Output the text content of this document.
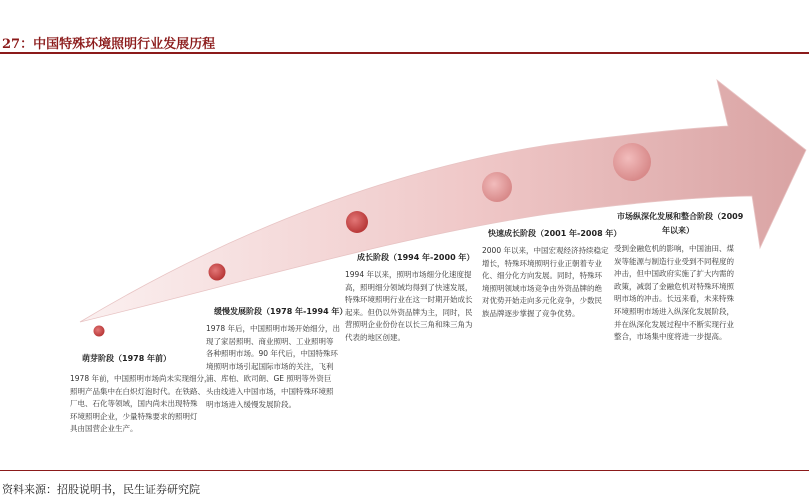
27：中国特殊环境照明行业发展历程
萌芽阶段（1978 年前）
1978 年前，中国照明市场尚未实现细分，
照明产品集中在白炽灯泡时代。在铁路、
厂电、石化等领域，国内尚未出现特殊
环境照明企业，少量特殊要求的照明灯
具由国营企业生产。
缓慢发展阶段（1978 年-1994 年）
1978 年后，中国照明市场开始细分，出
现了家居照明、商业照明、工业照明等
各种照明市场。90 年代后，中国特殊环
境照明市场引起国际市场的关注，飞利
浦、库柏、欧司朗、GE 照明等外资巨
头由线进入中国市场，中国特殊环境照
明市场进入缓慢发展阶段。
成长阶段（1994 年-2000 年）
1994 年以来，照明市场细分化速度提
高，照明细分领域均得到了快速发展，
特殊环境照明行业在这一时期开始成长
起来。但仍以外资品牌为主，同时，民
营照明企业份份在以长三角和珠三角为
代表的地区创建。
快速成长阶段（2001 年-2008 年）
2000 年以来，中国宏观经济持续稳定
增长，特殊环境照明行业正朝着专业
化、细分化方向发展。同时，特殊环
境照明领域市场竞争由外资品牌的绝
对优势开始走向多元化竞争，少数民
族品牌逐步掌握了竞争优势。
市场纵深化发展和整合阶段（2009
年以来）
受到金融危机的影响，中国油田、煤
炭等能源与制造行业受到不同程度的
冲击，但中国政府实施了扩大内需的
政策，减弱了金融危机对特殊环境照
明市场的冲击。长远来看，未来特殊
环境照明市场进入纵深化发展阶段，
并在纵深化发展过程中不断实现行业
整合，市场集中度将进一步提高。
资料来源：招股说明书，民生证券研究院
